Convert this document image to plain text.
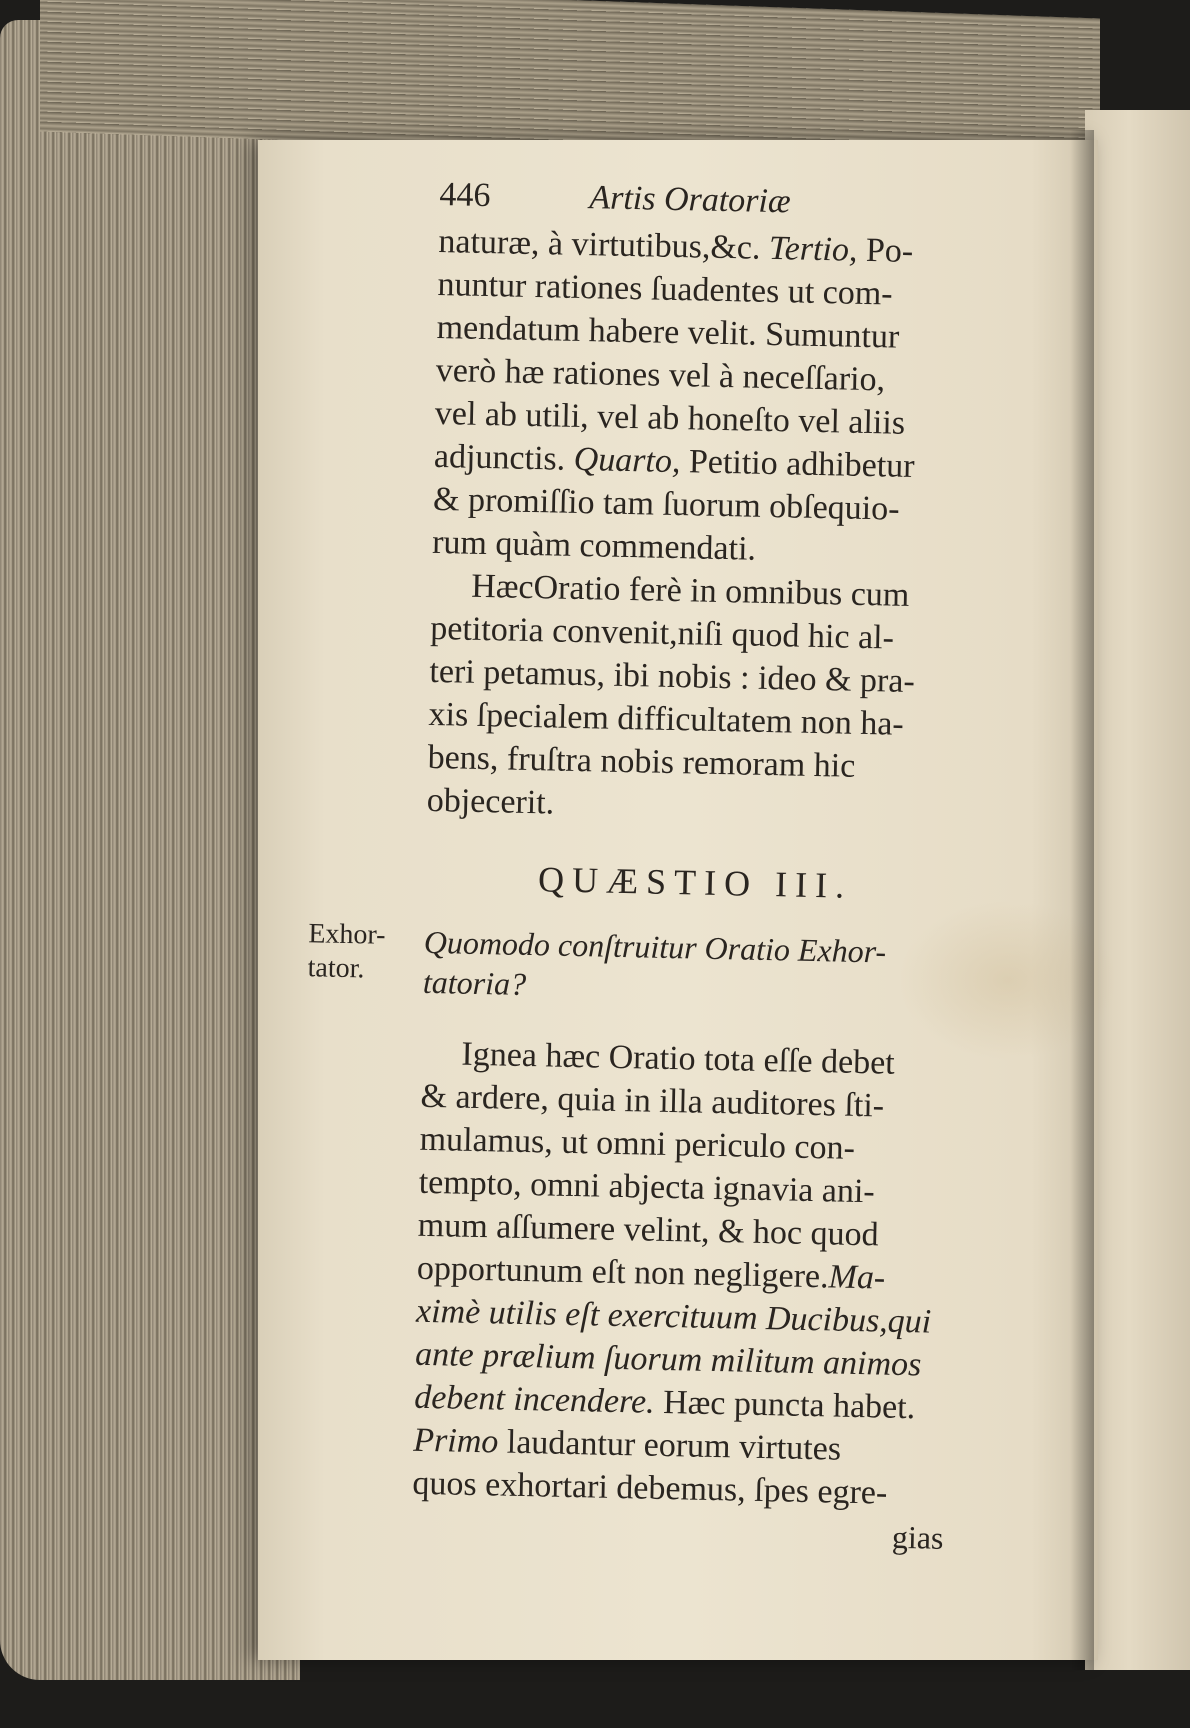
446	Artis Oratoriæ

naturæ, à virtutibus,&c. Tertio, Po-
nuntur rationes ſuadentes ut com-
mendatum habere velit. Sumuntur
verò hæ rationes vel à neceſſario,
vel ab utili, vel ab honeſto vel aliis
adjunctis. Quarto, Petitio adhibetur
& promiſſio tam ſuorum obſequio-
rum quàm commendati.

HæcOratio ferè in omnibus cum
petitoria convenit,niſi quod hic al-
teri petamus, ibi nobis : ideo & pra-
xis ſpecialem difficultatem non ha-
bens, fruſtra nobis remoram hic
objecerit.

QUÆSTIO III.
Quomodo conſtruitur Oratio Exhor-
tatoria?

Ignea hæc Oratio tota eſſe debet
& ardere, quia in illa auditores ſti-
mulamus, ut omni periculo con-
tempto, omni abjecta ignavia ani-
mum aſſumere velint, & hoc quod
opportunum eſt non negligere.Ma-
ximè utilis eſt exercituum Ducibus,qui
ante prælium ſuorum militum animos
debent incendere. Hæc puncta habet.
Primo laudantur eorum virtutes
quos exhortari debemus, ſpes egre-

gias
Exhor-
tator.
